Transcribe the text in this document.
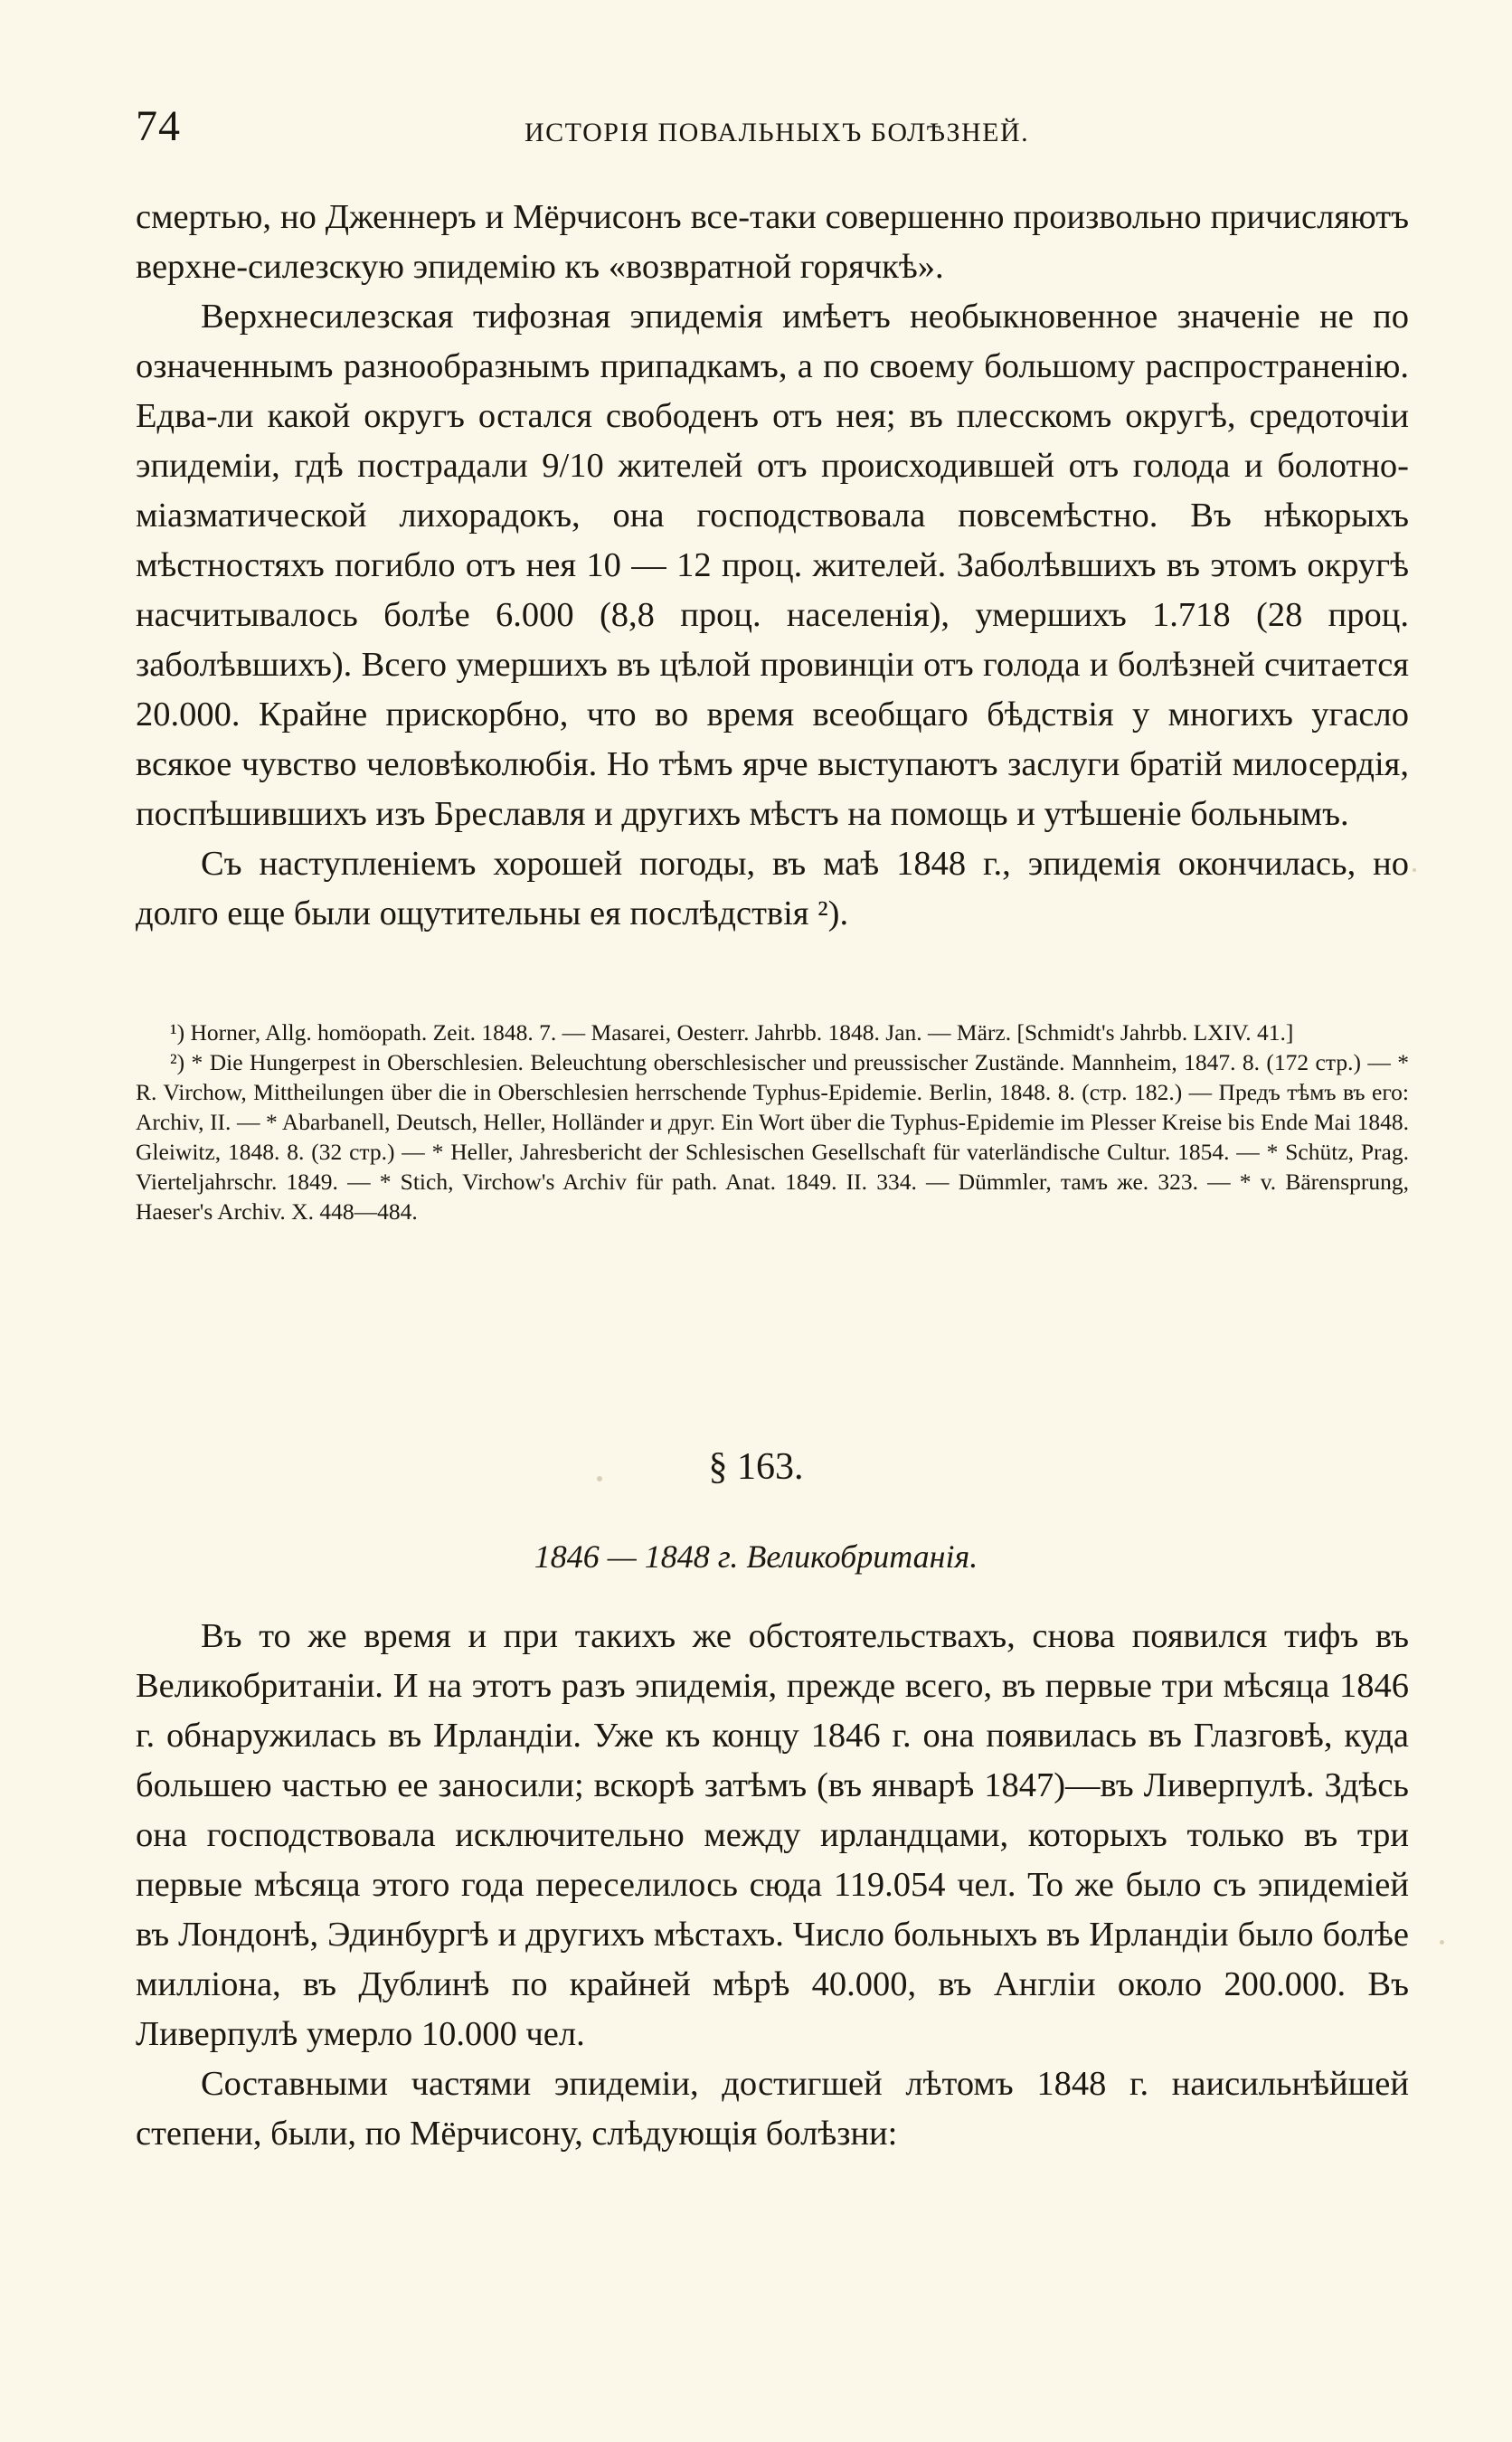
74	ИСТОРІЯ ПОВАЛЬНЫХЪ БОЛѢЗНЕЙ.

смертью, но Дженнеръ и Мёрчисонъ все-таки совершенно произвольно причисляютъ верхне-силезскую эпидемію къ «возвратной горячкѣ».

Верхнесилезская тифозная эпидемія имѣетъ необыкновенное значеніе не по означеннымъ разнообразнымъ припадкамъ, а по своему большому распространенію. Едва-ли какой округъ остался свободенъ отъ нея; въ плесскомъ округѣ, средоточіи эпидеміи, гдѣ пострадали 9/10 жителей отъ происходившей отъ голода и болотно-міазматической лихорадокъ, она господствовала повсемѣстно. Въ нѣкорыхъ мѣстностяхъ погибло отъ нея 10 — 12 проц. жителей. Заболѣвшихъ въ этомъ округѣ насчитывалось болѣе 6.000 (8,8 проц. населенія), умершихъ 1.718 (28 проц. заболѣвшихъ). Всего умершихъ въ цѣлой провинціи отъ голода и болѣзней считается 20.000. Крайне прискорбно, что во время всеобщаго бѣдствія у многихъ угасло всякое чувство человѣколюбія. Но тѣмъ ярче выступаютъ заслуги братій милосердія, поспѣшившихъ изъ Бреславля и другихъ мѣстъ на помощь и утѣшеніе больнымъ.

Съ наступленіемъ хорошей погоды, въ маѣ 1848 г., эпидемія окончилась, но долго еще были ощутительны ея послѣдствія ²).

¹) Horner, Allg. homöopath. Zeit. 1848. 7. — Masarei, Oesterr. Jahrbb. 1848. Jan. — März. [Schmidt's Jahrbb. LXIV. 41.]

²) * Die Hungerpest in Oberschlesien. Beleuchtung oberschlesischer und preussischer Zustände. Mannheim, 1847. 8. (172 стр.) — * R. Virchow, Mittheilungen über die in Oberschlesien herrschende Typhus-Epidemie. Berlin, 1848. 8. (стр. 182.) — Предъ тѣмъ въ его: Archiv, II. — * Abarbanell, Deutsch, Heller, Holländer и друг. Ein Wort über die Typhus-Epidemie im Plesser Kreise bis Ende Mai 1848. Gleiwitz, 1848. 8. (32 стр.) — * Heller, Jahresbericht der Schlesischen Gesellschaft für vaterländische Cultur. 1854. — * Schütz, Prag. Vierteljahrschr. 1849. — * Stich, Virchow's Archiv für path. Anat. 1849. II. 334. — Dümmler, тамъ же. 323. — * v. Bärensprung, Haeser's Archiv. X. 448—484.

§ 163.
1846 — 1848 г. Великобританія.

Въ то же время и при такихъ же обстоятельствахъ, снова появился тифъ въ Великобританіи. И на этотъ разъ эпидемія, прежде всего, въ первые три мѣсяца 1846 г. обнаружилась въ Ирландіи. Уже къ концу 1846 г. она появилась въ Глазговѣ, куда большею частью ее заносили; вскорѣ затѣмъ (въ январѣ 1847)—въ Ливерпулѣ. Здѣсь она господствовала исключительно между ирландцами, которыхъ только въ три первые мѣсяца этого года переселилось сюда 119.054 чел. То же было съ эпидеміей въ Лондонѣ, Эдинбургѣ и другихъ мѣстахъ. Число больныхъ въ Ирландіи было болѣе милліона, въ Дублинѣ по крайней мѣрѣ 40.000, въ Англіи около 200.000. Въ Ливерпулѣ умерло 10.000 чел.

Составными частями эпидеміи, достигшей лѣтомъ 1848 г. наисильнѣйшей степени, были, по Мёрчисону, слѣдующія болѣзни:
